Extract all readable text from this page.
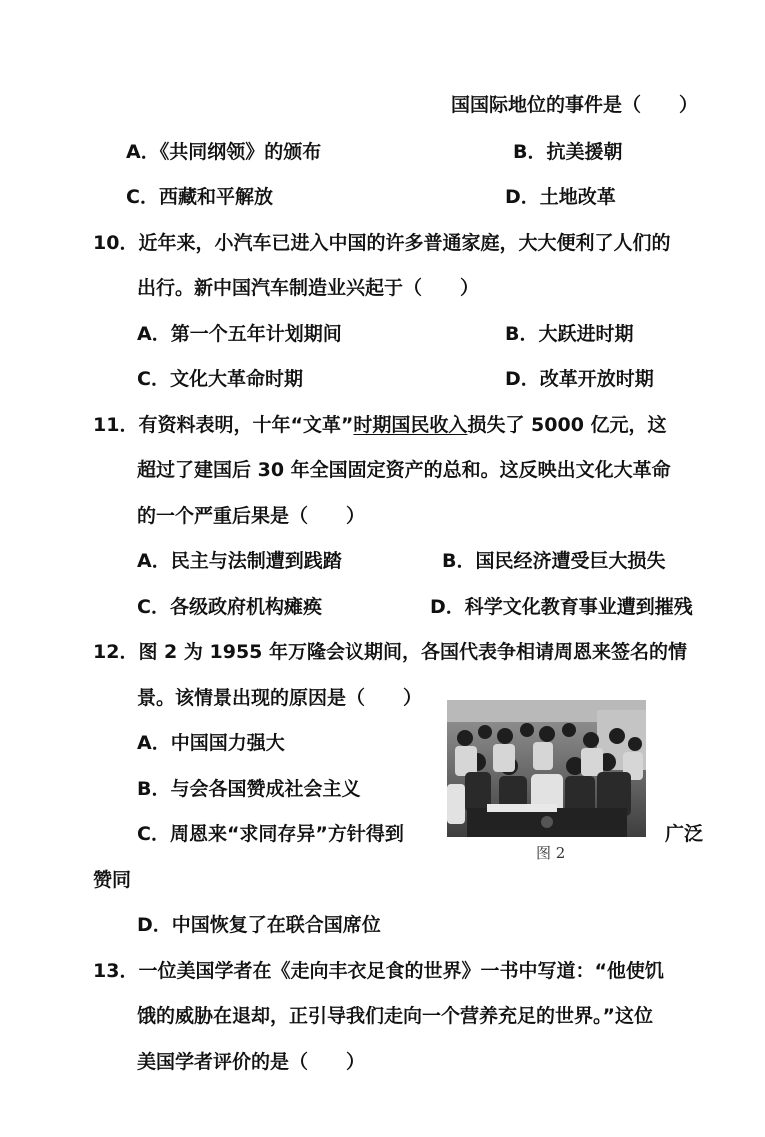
国国际地位的事件是（　　）
A．《共同纲领》的颁布	B．抗美援朝
C．西藏和平解放	D．土地改革
10．近年来，小汽车已进入中国的许多普通家庭，大大便利了人们的
出行。新中国汽车制造业兴起于（　　）
A．第一个五年计划期间	B．大跃进时期
C．文化大革命时期	D．改革开放时期
11．有资料表明，十年“文革”时期国民收入损失了 5000 亿元，这
超过了建国后 30 年全国固定资产的总和。这反映出文化大革命
的一个严重后果是（　　）
A．民主与法制遭到践踏	B．国民经济遭受巨大损失
C．各级政府机构瘫痪	D．科学文化教育事业遭到摧残
12．图 2 为 1955 年万隆会议期间，各国代表争相请周恩来签名的情
景。该情景出现的原因是（　　）
A．中国国力强大
B．与会各国赞成社会主义
C．周恩来“求同存异”方针得到	广泛
赞同
D．中国恢复了在联合国席位
图 2
13．一位美国学者在《走向丰衣足食的世界》一书中写道：“他使饥
饿的威胁在退却，正引导我们走向一个营养充足的世界。”这位
美国学者评价的是（　　）
